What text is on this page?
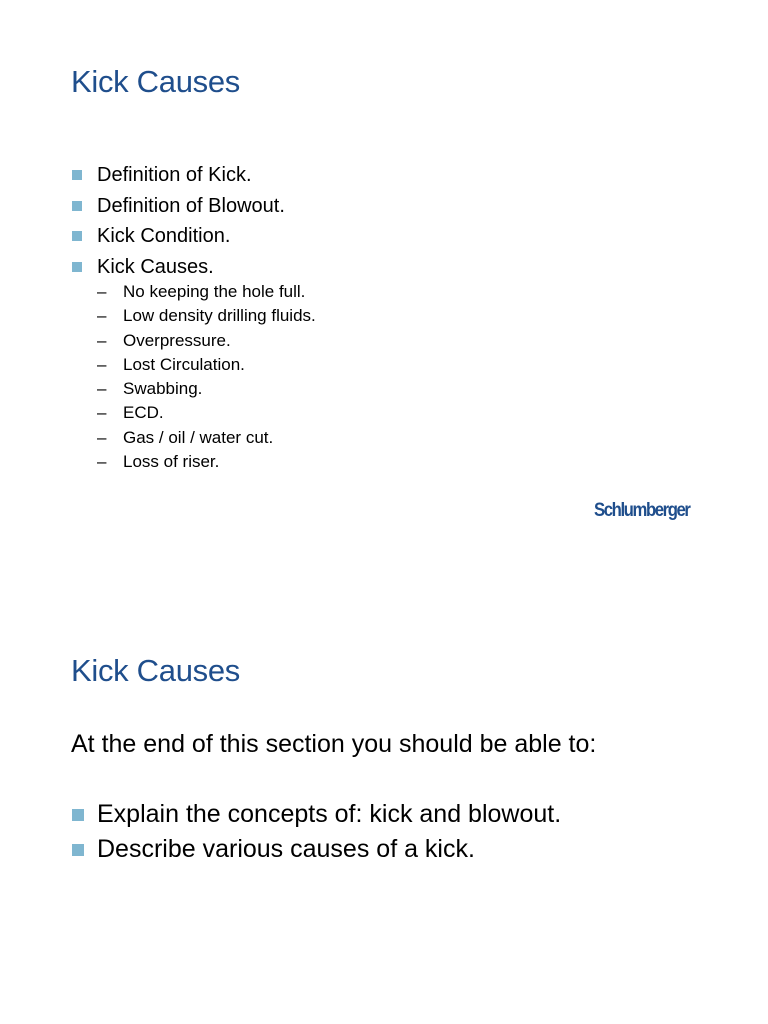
Kick Causes
Definition of Kick.
Definition of Blowout.
Kick Condition.
Kick Causes.
– No keeping the hole full.
– Low density drilling fluids.
– Overpressure.
– Lost Circulation.
– Swabbing.
– ECD.
– Gas / oil / water cut.
– Loss of riser.
Schlumberger
Kick Causes
At the end of this section you should be able to:
Explain the concepts of: kick and blowout.
Describe various causes of a kick.
